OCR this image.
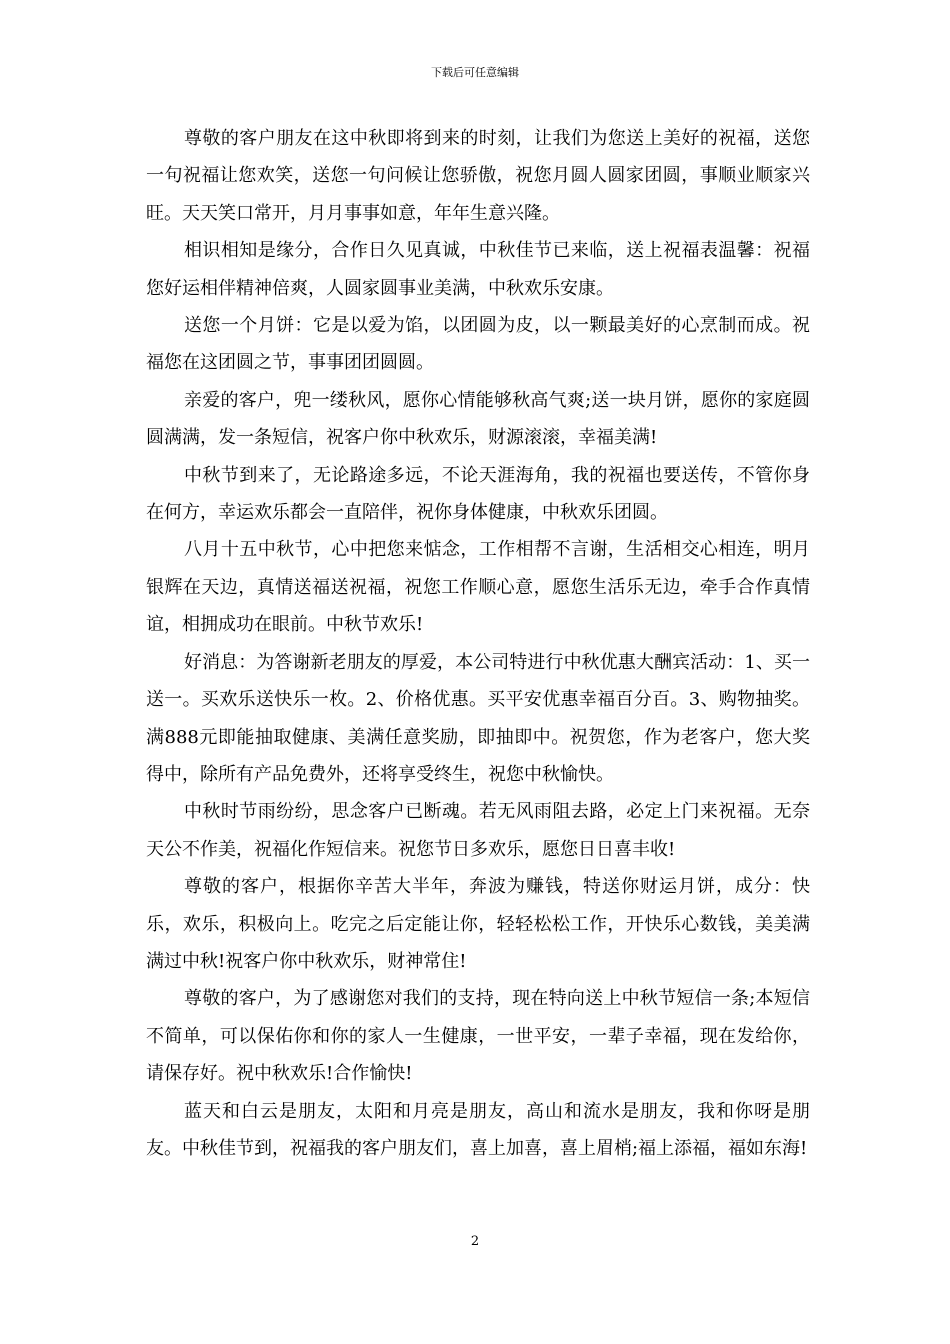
下载后可任意编辑

尊敬的客户朋友在这中秋即将到来的时刻，让我们为您送上美好的祝福，送您一句祝福让您欢笑，送您一句问候让您骄傲，祝您月圆人圆家团圆，事顺业顺家兴旺。天天笑口常开，月月事事如意，年年生意兴隆。

相识相知是缘分，合作日久见真诚，中秋佳节已来临，送上祝福表温馨：祝福您好运相伴精神倍爽，人圆家圆事业美满，中秋欢乐安康。

送您一个月饼：它是以爱为馅，以团圆为皮，以一颗最美好的心烹制而成。祝福您在这团圆之节，事事团团圆圆。

亲爱的客户，兜一缕秋风，愿你心情能够秋高气爽;送一块月饼，愿你的家庭圆圆满满，发一条短信，祝客户你中秋欢乐，财源滚滚，幸福美满!

中秋节到来了，无论路途多远，不论天涯海角，我的祝福也要送传，不管你身在何方，幸运欢乐都会一直陪伴，祝你身体健康，中秋欢乐团圆。

八月十五中秋节，心中把您来惦念，工作相帮不言谢，生活相交心相连，明月银辉在天边，真情送福送祝福，祝您工作顺心意，愿您生活乐无边，牵手合作真情谊，相拥成功在眼前。中秋节欢乐!

好消息：为答谢新老朋友的厚爱，本公司特进行中秋优惠大酬宾活动：1、买一送一。买欢乐送快乐一枚。2、价格优惠。买平安优惠幸福百分百。3、购物抽奖。满888元即能抽取健康、美满任意奖励，即抽即中。祝贺您，作为老客户，您大奖得中，除所有产品免费外，还将享受终生，祝您中秋愉快。

中秋时节雨纷纷，思念客户已断魂。若无风雨阻去路，必定上门来祝福。无奈天公不作美，祝福化作短信来。祝您节日多欢乐，愿您日日喜丰收!

尊敬的客户，根据你辛苦大半年，奔波为赚钱，特送你财运月饼，成分：快乐，欢乐，积极向上。吃完之后定能让你，轻轻松松工作，开快乐心数钱，美美满满过中秋!祝客户你中秋欢乐，财神常住!

尊敬的客户，为了感谢您对我们的支持，现在特向送上中秋节短信一条;本短信不简单，可以保佑你和你的家人一生健康，一世平安，一辈子幸福，现在发给你，请保存好。祝中秋欢乐!合作愉快!

蓝天和白云是朋友，太阳和月亮是朋友，高山和流水是朋友，我和你呀是朋友。中秋佳节到，祝福我的客户朋友们，喜上加喜，喜上眉梢;福上添福，福如东海!

2
